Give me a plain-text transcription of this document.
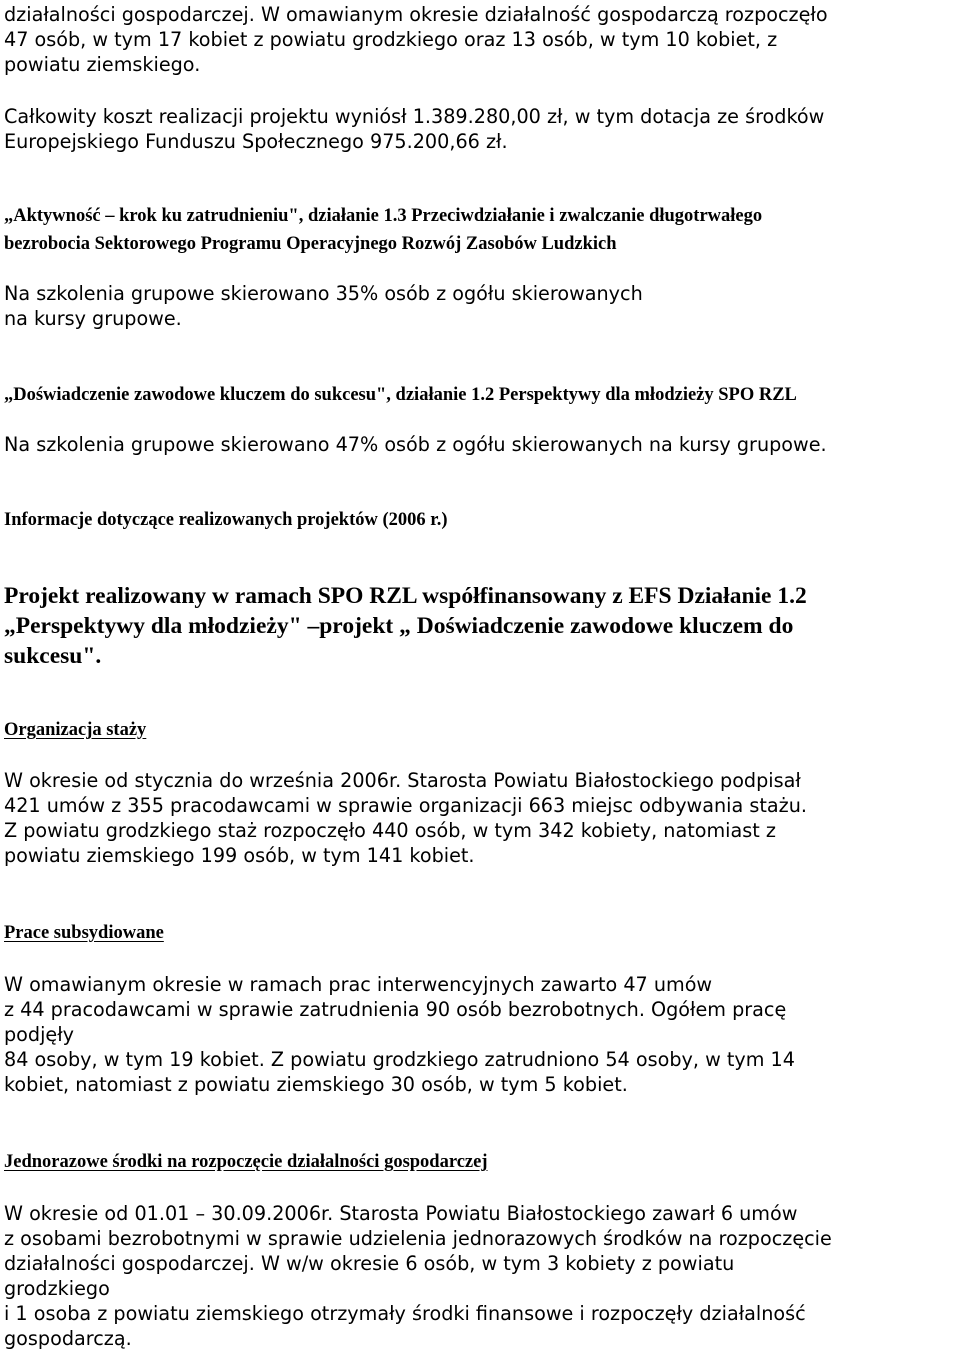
działalności gospodarczej. W omawianym okresie działalność gospodarczą rozpoczęło
47 osób, w tym 17 kobiet z powiatu grodzkiego oraz 13 osób, w tym 10 kobiet, z
powiatu ziemskiego.
Całkowity koszt realizacji projektu wyniósł 1.389.280,00 zł, w tym dotacja ze środków
Europejskiego Funduszu Społecznego 975.200,66 zł.
„Aktywność – krok ku zatrudnieniu", działanie 1.3 Przeciwdziałanie i zwalczanie długotrwałego
bezrobocia Sektorowego Programu Operacyjnego Rozwój Zasobów Ludzkich
Na szkolenia grupowe skierowano 35% osób z ogółu skierowanych
na kursy grupowe.
„Doświadczenie zawodowe kluczem do sukcesu", działanie 1.2 Perspektywy dla młodzieży SPO RZL
Na szkolenia grupowe skierowano 47% osób z ogółu skierowanych na kursy grupowe.
Informacje dotyczące realizowanych projektów (2006 r.)
Projekt realizowany w ramach SPO RZL współfinansowany z EFS Działanie 1.2
„Perspektywy dla młodzieży" –projekt „ Doświadczenie zawodowe kluczem do
sukcesu".
Organizacja staży
W okresie od stycznia do września 2006r. Starosta Powiatu Białostockiego podpisał
421 umów z 355 pracodawcami w sprawie organizacji 663 miejsc odbywania stażu.
Z powiatu grodzkiego staż rozpoczęło 440 osób, w tym 342 kobiety, natomiast z
powiatu ziemskiego 199 osób, w tym 141 kobiet.
Prace subsydiowane
W omawianym okresie w ramach prac interwencyjnych zawarto 47 umów
z 44 pracodawcami w sprawie zatrudnienia 90 osób bezrobotnych. Ogółem pracę
podjęły
84 osoby, w tym 19 kobiet. Z powiatu grodzkiego zatrudniono 54 osoby, w tym 14
kobiet, natomiast z powiatu ziemskiego 30 osób, w tym 5 kobiet.
Jednorazowe środki na rozpoczęcie działalności gospodarczej
W okresie od 01.01 – 30.09.2006r. Starosta Powiatu Białostockiego zawarł 6 umów
z osobami bezrobotnymi w sprawie udzielenia jednorazowych środków na rozpoczęcie
działalności gospodarczej. W w/w okresie 6 osób, w tym 3 kobiety z powiatu
grodzkiego
i 1 osoba z powiatu ziemskiego otrzymały środki finansowe i rozpoczęły działalność
gospodarczą.
